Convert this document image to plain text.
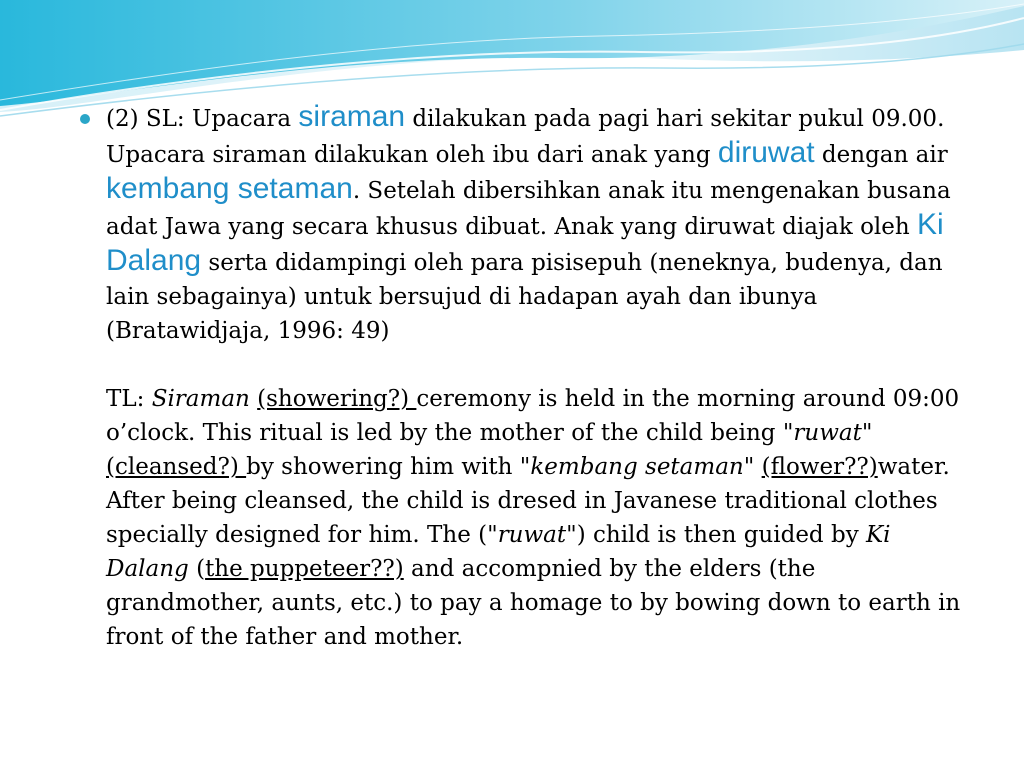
(2) SL: Upacara siraman dilakukan pada pagi hari sekitar pukul 09.00. Upacara siraman dilakukan oleh ibu dari anak yang diruwat dengan air kembang setaman. Setelah dibersihkan anak itu mengenakan busana adat Jawa yang secara khusus dibuat. Anak yang diruwat diajak oleh Ki Dalang serta didampingi oleh para pisisepuh (neneknya, budenya, dan lain sebagainya) untuk bersujud di hadapan ayah dan ibunya (Bratawidjaja, 1996: 49)

TL: Siraman (showering?) ceremony is held in the morning around 09:00 o’clock. This ritual is led by the mother of the child being "ruwat"(cleansed?) by showering him with "kembang setaman" (flower??)water. After being cleansed, the child is dresed in Javanese traditional clothes specially designed for him. The ("ruwat") child is then guided by Ki Dalang (the puppeteer??) and accompnied by the elders (the grandmother, aunts, etc.) to pay a homage to by bowing down to earth in front of the father and mother.
